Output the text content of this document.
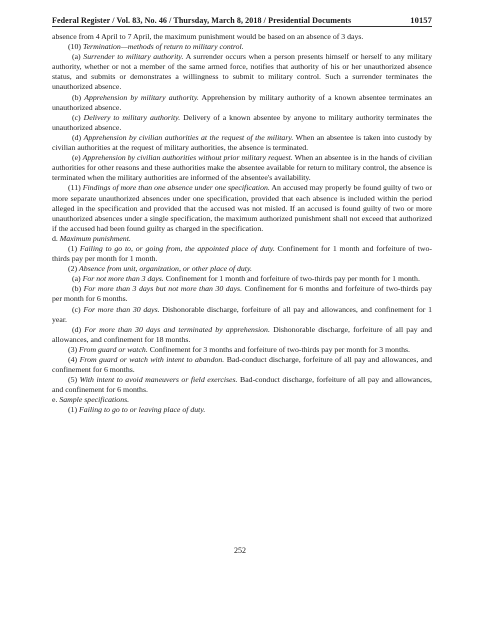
Federal Register / Vol. 83, No. 46 / Thursday, March 8, 2018 / Presidential Documents	10157

absence from 4 April to 7 April, the maximum punishment would be based on an absence of 3 days.

(10) Termination—methods of return to military control.

(a) Surrender to military authority. A surrender occurs when a person presents himself or herself to any military authority, whether or not a member of the same armed force, notifies that authority of his or her unauthorized absence status, and submits or demonstrates a willingness to submit to military control. Such a surrender terminates the unauthorized absence.

(b) Apprehension by military authority. Apprehension by military authority of a known absentee terminates an unauthorized absence.

(c) Delivery to military authority. Delivery of a known absentee by anyone to military authority terminates the unauthorized absence.

(d) Apprehension by civilian authorities at the request of the military. When an absentee is taken into custody by civilian authorities at the request of military authorities, the absence is terminated.

(e) Apprehension by civilian authorities without prior military request. When an absentee is in the hands of civilian authorities for other reasons and these authorities make the absentee available for return to military control, the absence is terminated when the military authorities are informed of the absentee's availability.

(11) Findings of more than one absence under one specification. An accused may properly be found guilty of two or more separate unauthorized absences under one specification, provided that each absence is included within the period alleged in the specification and provided that the accused was not misled. If an accused is found guilty of two or more unauthorized absences under a single specification, the maximum authorized punishment shall not exceed that authorized if the accused had been found guilty as charged in the specification.

d. Maximum punishment.

(1) Failing to go to, or going from, the appointed place of duty. Confinement for 1 month and forfeiture of two-thirds pay per month for 1 month.

(2) Absence from unit, organization, or other place of duty.

(a) For not more than 3 days. Confinement for 1 month and forfeiture of two-thirds pay per month for 1 month.

(b) For more than 3 days but not more than 30 days. Confinement for 6 months and forfeiture of two-thirds pay per month for 6 months.

(c) For more than 30 days. Dishonorable discharge, forfeiture of all pay and allowances, and confinement for 1 year.

(d) For more than 30 days and terminated by apprehension. Dishonorable discharge, forfeiture of all pay and allowances, and confinement for 18 months.

(3) From guard or watch. Confinement for 3 months and forfeiture of two-thirds pay per month for 3 months.

(4) From guard or watch with intent to abandon. Bad-conduct discharge, forfeiture of all pay and allowances, and confinement for 6 months.

(5) With intent to avoid maneuvers or field exercises. Bad-conduct discharge, forfeiture of all pay and allowances, and confinement for 6 months.

e. Sample specifications.

(1) Failing to go to or leaving place of duty.

252
